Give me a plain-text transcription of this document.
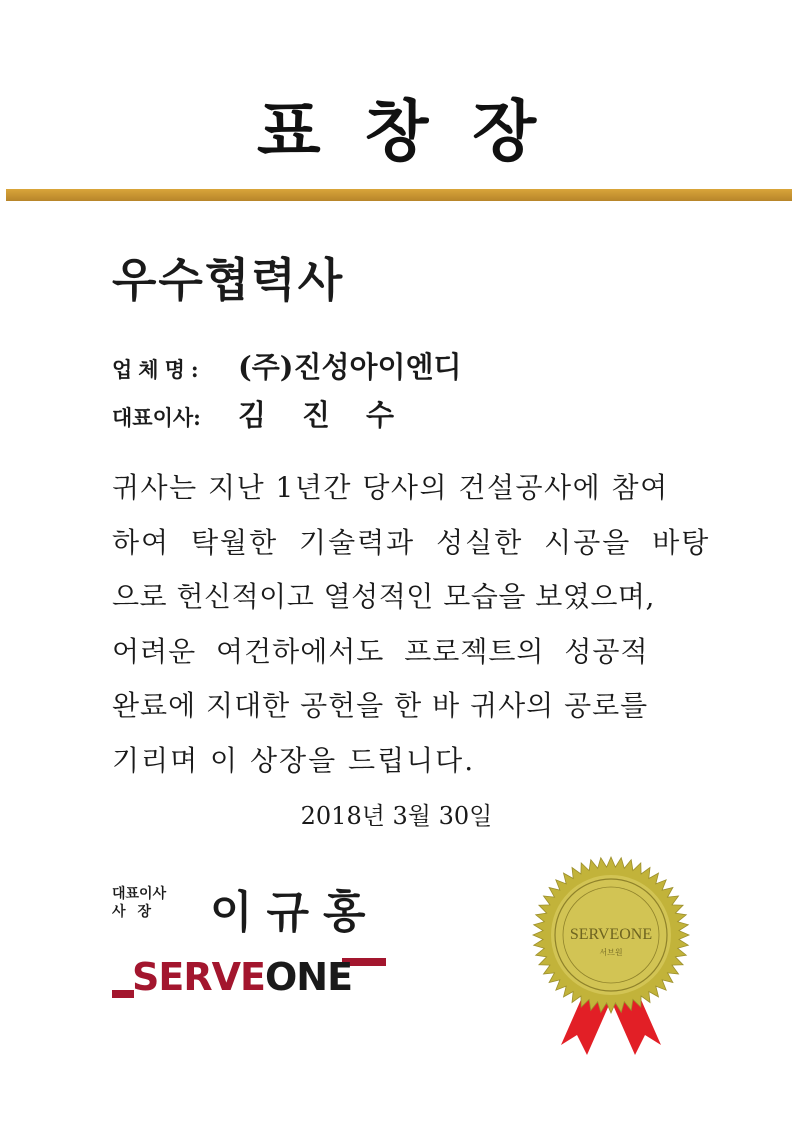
표창장
우수협력사
업체명: (주)진성아이엔디
대표이사: 김진수
귀사는 지난 1년간 당사의 건설공사에 참여
하여 탁월한 기술력과 성실한 시공을 바탕
으로 헌신적이고 열성적인 모습을 보였으며,
어려운 여건하에서도 프로젝트의 성공적
완료에 지대한 공헌을 한 바 귀사의 공로를
기리며 이 상장을 드립니다.
2018년 3월 30일
대표이사
사장 이규홍
SERVEONE
SERVEONE
서브원
